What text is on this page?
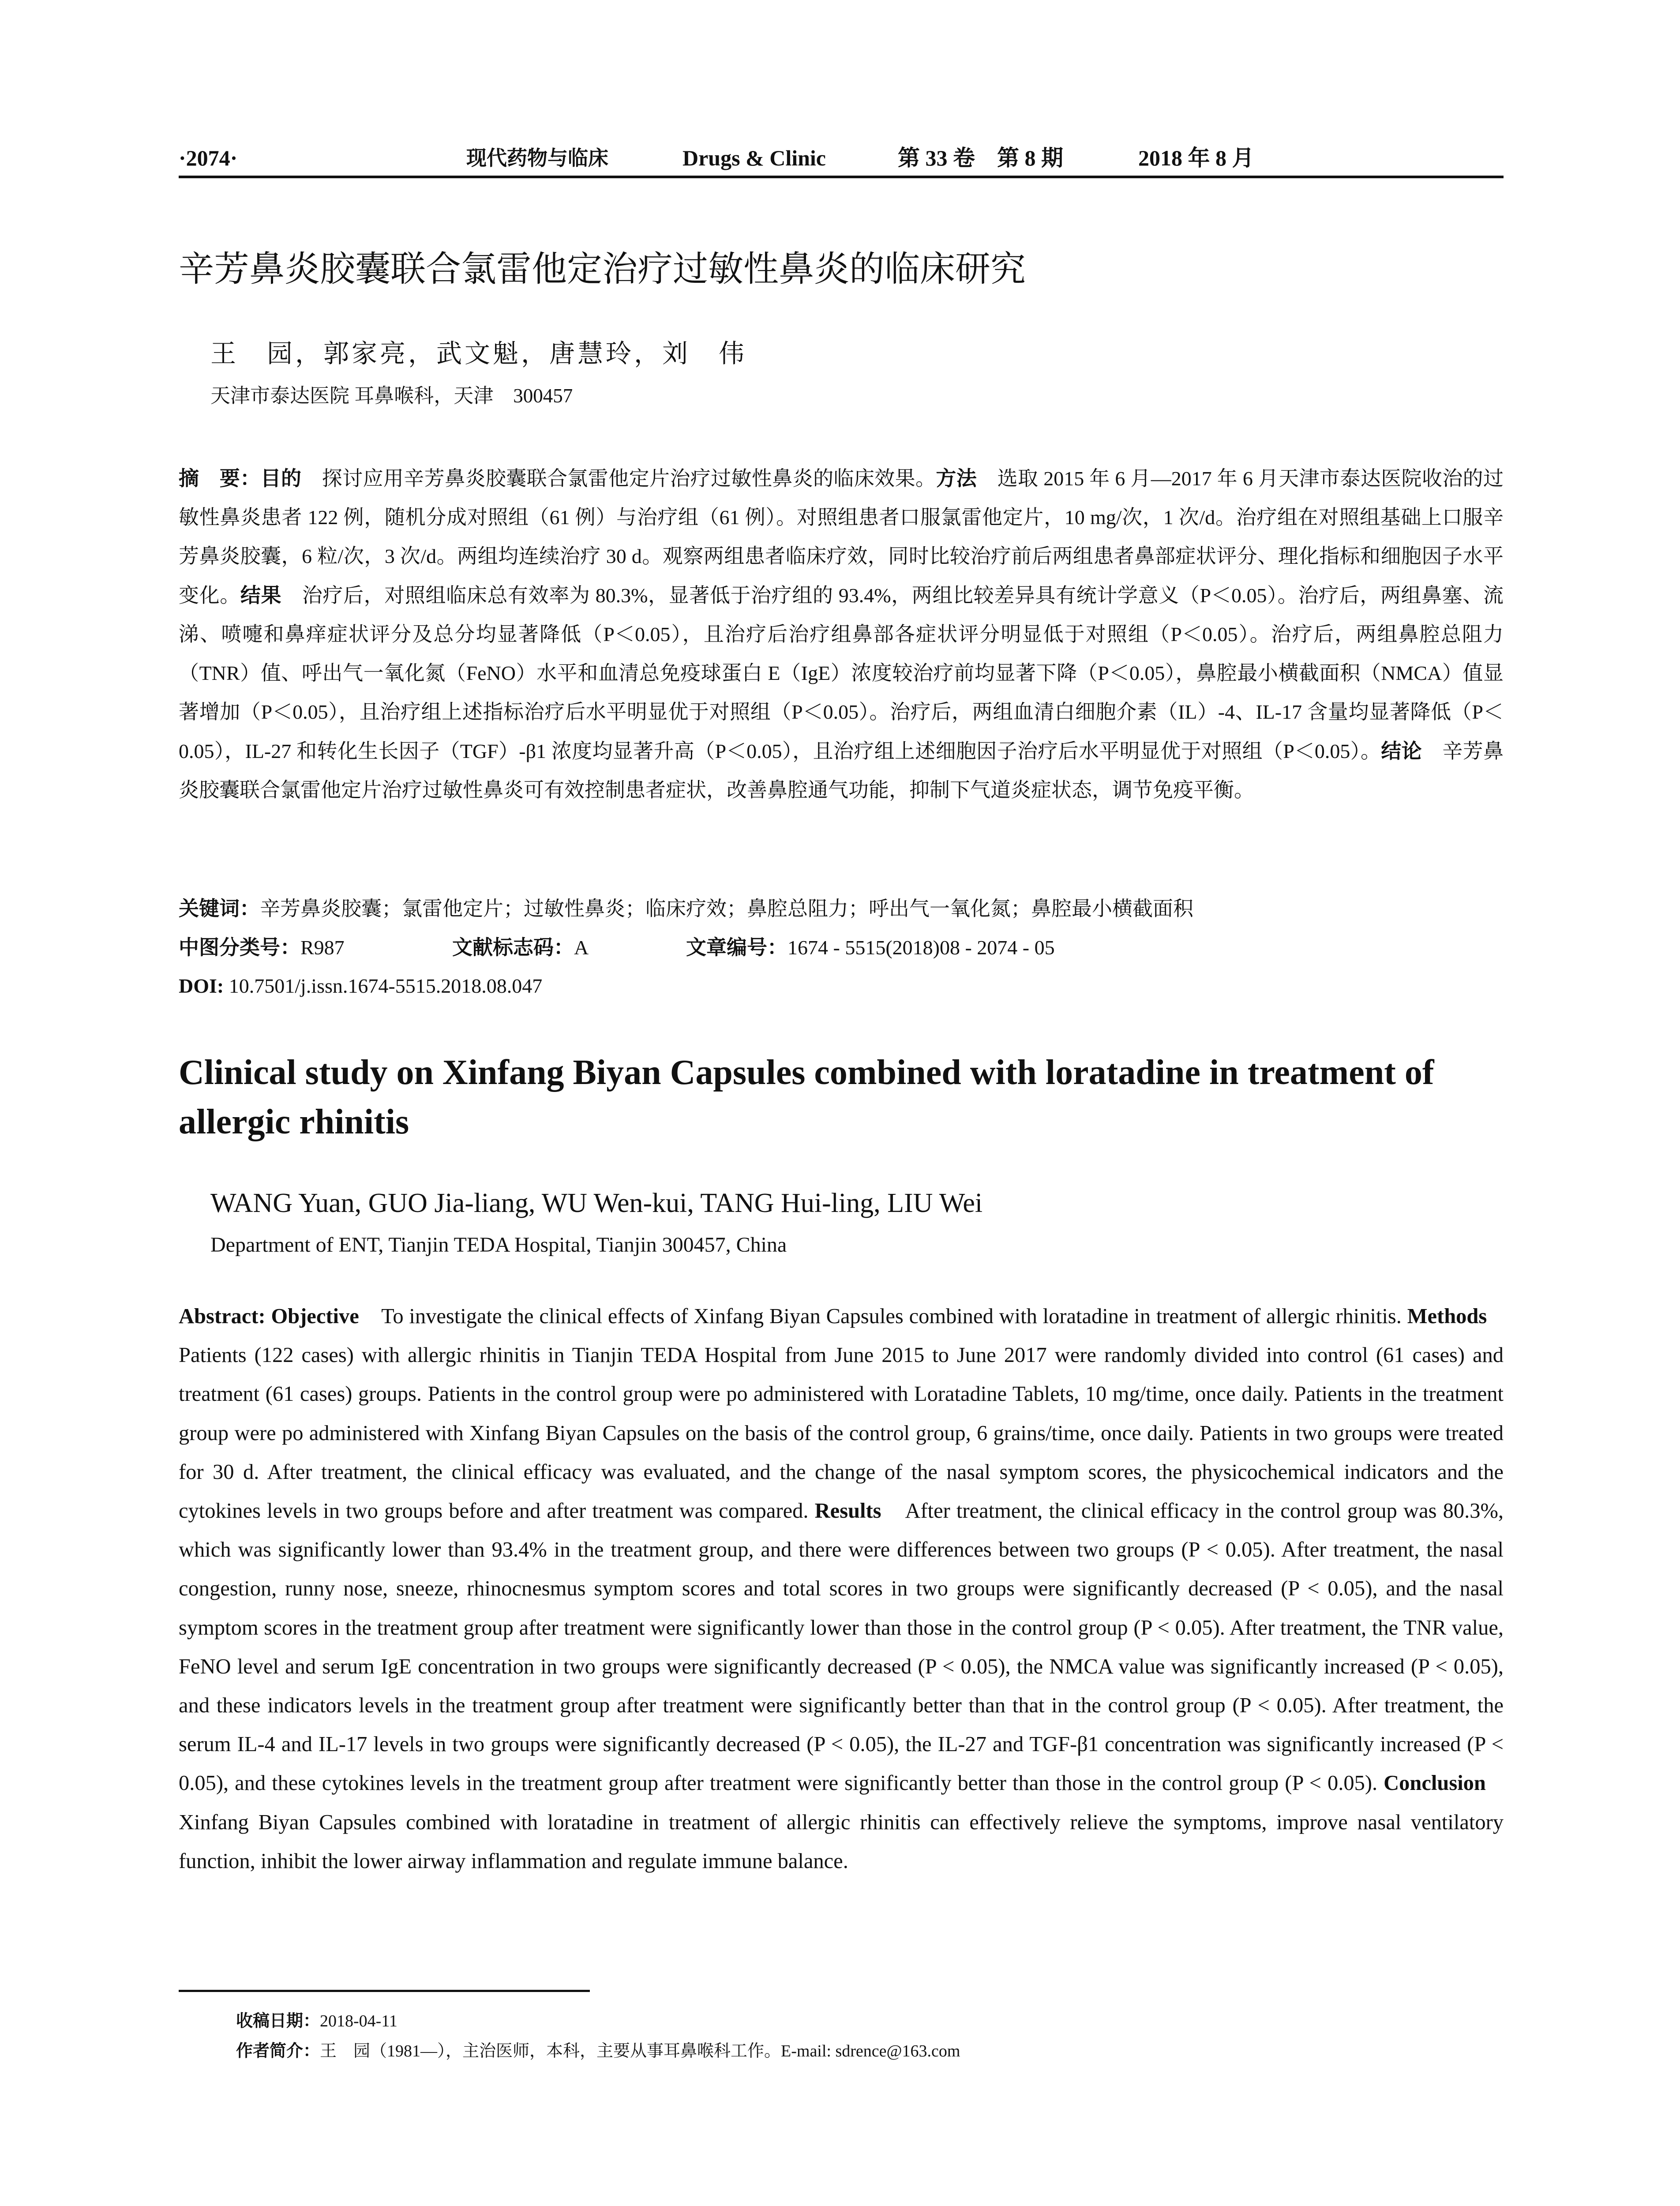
·2074·	现代药物与临床	Drugs & Clinic	第 33 卷　第 8 期	2018 年 8 月
辛芳鼻炎胶囊联合氯雷他定治疗过敏性鼻炎的临床研究
王　园，郭家亮，武文魁，唐慧玲，刘　伟
天津市泰达医院 耳鼻喉科，天津　300457

摘　要：目的　 探讨应用辛芳鼻炎胶囊联合氯雷他定片治疗过敏性鼻炎的临床效果。方法　 选取 2015 年 6 月—2017 年 6 月天津市泰达医院收治的过敏性鼻炎患者 122 例，随机分成对照组（61 例）与治疗组（61 例）。对照组患者口服氯雷他定片，10 mg/次，1 次/d。治疗组在对照组基础上口服辛芳鼻炎胶囊，6 粒/次，3 次/d。两组均连续治疗 30 d。观察两组患者临床疗效，同时比较治疗前后两组患者鼻部症状评分、理化指标和细胞因子水平变化。结果　 治疗后，对照组临床总有效率为 80.3%，显著低于治疗组的 93.4%，两组比较差异具有统计学意义（P＜0.05）。治疗后，两组鼻塞、流涕、喷嚏和鼻痒症状评分及总分均显著降低（P＜0.05），且治疗后治疗组鼻部各症状评分明显低于对照组（P＜0.05）。治疗后，两组鼻腔总阻力（TNR）值、呼出气一氧化氮（FeNO）水平和血清总免疫球蛋白 E（IgE）浓度较治疗前均显著下降（P＜0.05），鼻腔最小横截面积（NMCA）值显著增加（P＜0.05），且治疗组上述指标治疗后水平明显优于对照组（P＜0.05）。治疗后，两组血清白细胞介素（IL）-4、IL-17 含量均显著降低（P＜0.05），IL-27 和转化生长因子（TGF）-β1 浓度均显著升高（P＜0.05），且治疗组上述细胞因子治疗后水平明显优于对照组（P＜0.05）。结论　 辛芳鼻炎胶囊联合氯雷他定片治疗过敏性鼻炎可有效控制患者症状，改善鼻腔通气功能，抑制下气道炎症状态，调节免疫平衡。

关键词：辛芳鼻炎胶囊；氯雷他定片；过敏性鼻炎；临床疗效；鼻腔总阻力；呼出气一氧化氮；鼻腔最小横截面积
中图分类号：R987	文献标志码：A	文章编号：1674 - 5515(2018)08 - 2074 - 05
DOI: 10.7501/j.issn.1674-5515.2018.08.047
Clinical study on Xinfang Biyan Capsules combined with loratadine in treatment of allergic rhinitis
WANG Yuan, GUO Jia-liang, WU Wen-kui, TANG Hui-ling, LIU Wei
Department of ENT, Tianjin TEDA Hospital, Tianjin 300457, China

Abstract: Objective To investigate the clinical effects of Xinfang Biyan Capsules combined with loratadine in treatment of allergic rhinitis. Methods    Patients (122 cases) with allergic rhinitis in Tianjin TEDA Hospital from June 2015 to June 2017 were randomly divided into control (61 cases) and treatment (61 cases) groups. Patients in the control group were po administered with Loratadine Tablets, 10 mg/time, once daily. Patients in the treatment group were po administered with Xinfang Biyan Capsules on the basis of the control group, 6 grains/time, once daily. Patients in two groups were treated for 30 d. After treatment, the clinical efficacy was evaluated, and the change of the nasal symptom scores, the physicochemical indicators and the cytokines levels in two groups before and after treatment was compared. Results After treatment, the clinical efficacy in the control group was 80.3%, which was significantly lower than 93.4% in the treatment group, and there were differences between two groups (P < 0.05). After treatment, the nasal congestion, runny nose, sneeze, rhinocnesmus symptom scores and total scores in two groups were significantly decreased (P < 0.05), and the nasal symptom scores in the treatment group after treatment were significantly lower than those in the control group (P < 0.05). After treatment, the TNR value, FeNO level and serum IgE concentration in two groups were significantly decreased (P < 0.05), the NMCA value was significantly increased (P < 0.05), and these indicators levels in the treatment group after treatment were significantly better than that in the control group (P < 0.05). After treatment, the serum IL-4 and IL-17 levels in two groups were significantly decreased (P < 0.05), the IL-27 and TGF-β1 concentration was significantly increased (P < 0.05), and these cytokines levels in the treatment group after treatment were significantly better than those in the control group (P < 0.05). Conclusion    Xinfang Biyan Capsules combined with loratadine in treatment of allergic rhinitis can effectively relieve the symptoms, improve nasal ventilatory function, inhibit the lower airway inflammation and regulate immune balance.

收稿日期：2018-04-11
作者简介：王　园（1981—），主治医师，本科，主要从事耳鼻喉科工作。E-mail: sdrence@163.com
